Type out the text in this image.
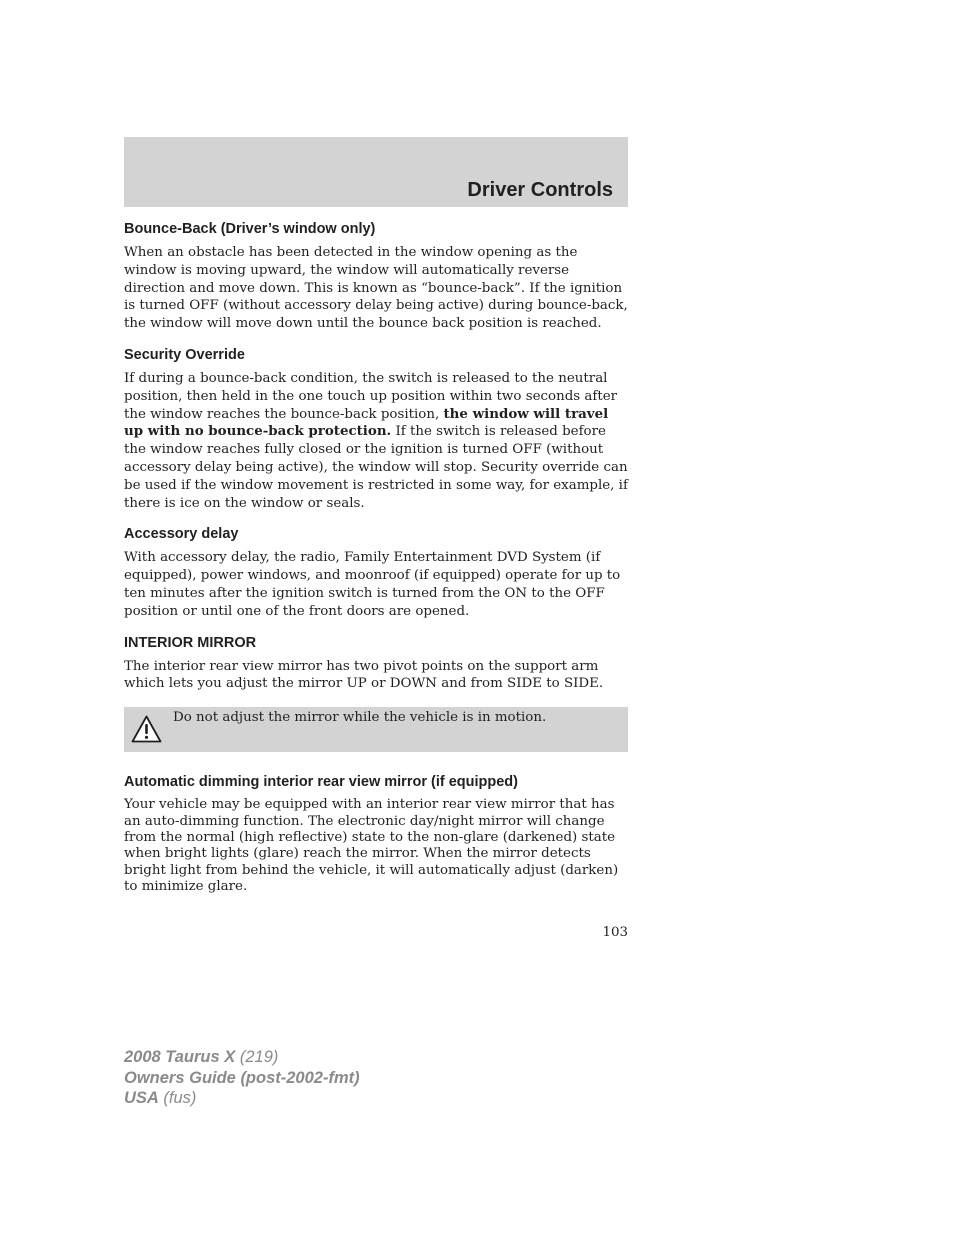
Driver Controls
Bounce-Back (Driver’s window only)

When an obstacle has been detected in the window opening as the window is moving upward, the window will automatically reverse direction and move down. This is known as “bounce-back”. If the ignition is turned OFF (without accessory delay being active) during bounce-back, the window will move down until the bounce back position is reached.

Security Override

If during a bounce-back condition, the switch is released to the neutral position, then held in the one touch up position within two seconds after the window reaches the bounce-back position, the window will travel up with no bounce-back protection. If the switch is released before the window reaches fully closed or the ignition is turned OFF (without accessory delay being active), the window will stop. Security override can be used if the window movement is restricted in some way, for example, if there is ice on the window or seals.

Accessory delay

With accessory delay, the radio, Family Entertainment DVD System (if equipped), power windows, and moonroof (if equipped) operate for up to ten minutes after the ignition switch is turned from the ON to the OFF position or until one of the front doors are opened.

INTERIOR MIRROR

The interior rear view mirror has two pivot points on the support arm which lets you adjust the mirror UP or DOWN and from SIDE to SIDE.

Do not adjust the mirror while the vehicle is in motion.

Automatic dimming interior rear view mirror (if equipped)

Your vehicle may be equipped with an interior rear view mirror that has an auto-dimming function. The electronic day/night mirror will change from the normal (high reflective) state to the non-glare (darkened) state when bright lights (glare) reach the mirror. When the mirror detects bright light from behind the vehicle, it will automatically adjust (darken) to minimize glare.

103
2008 Taurus X (219)
Owners Guide (post-2002-fmt)
USA (fus)
